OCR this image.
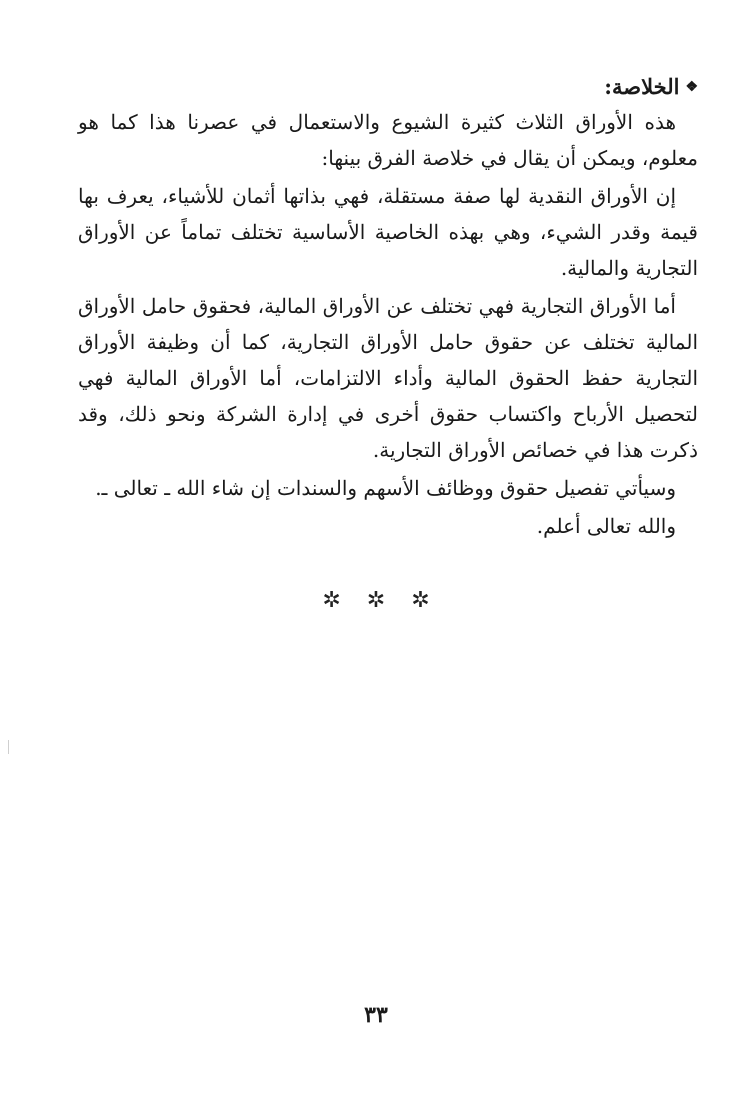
❖
الخلاصة:

هذه الأوراق الثلاث كثيرة الشيوع والاستعمال في عصرنا هذا كما هو معلوم، ويمكن أن يقال في خلاصة الفرق بينها:

إن الأوراق النقدية لها صفة مستقلة، فهي بذاتها أثمان للأشياء، يعرف بها قيمة وقدر الشيء، وهي بهذه الخاصية الأساسية تختلف تماماً عن الأوراق التجارية والمالية.

أما الأوراق التجارية فهي تختلف عن الأوراق المالية، فحقوق حامل الأوراق المالية تختلف عن حقوق حامل الأوراق التجارية، كما أن وظيفة الأوراق التجارية حفظ الحقوق المالية وأداء الالتزامات، أما الأوراق المالية فهي لتحصيل الأرباح واكتساب حقوق أخرى في إدارة الشركة ونحو ذلك، وقد ذكرت هذا في خصائص الأوراق التجارية.

وسيأتي تفصيل حقوق ووظائف الأسهم والسندات إن شاء الله ـ تعالى ـ.

والله تعالى أعلم.

✲ ✲ ✲
٣٣
